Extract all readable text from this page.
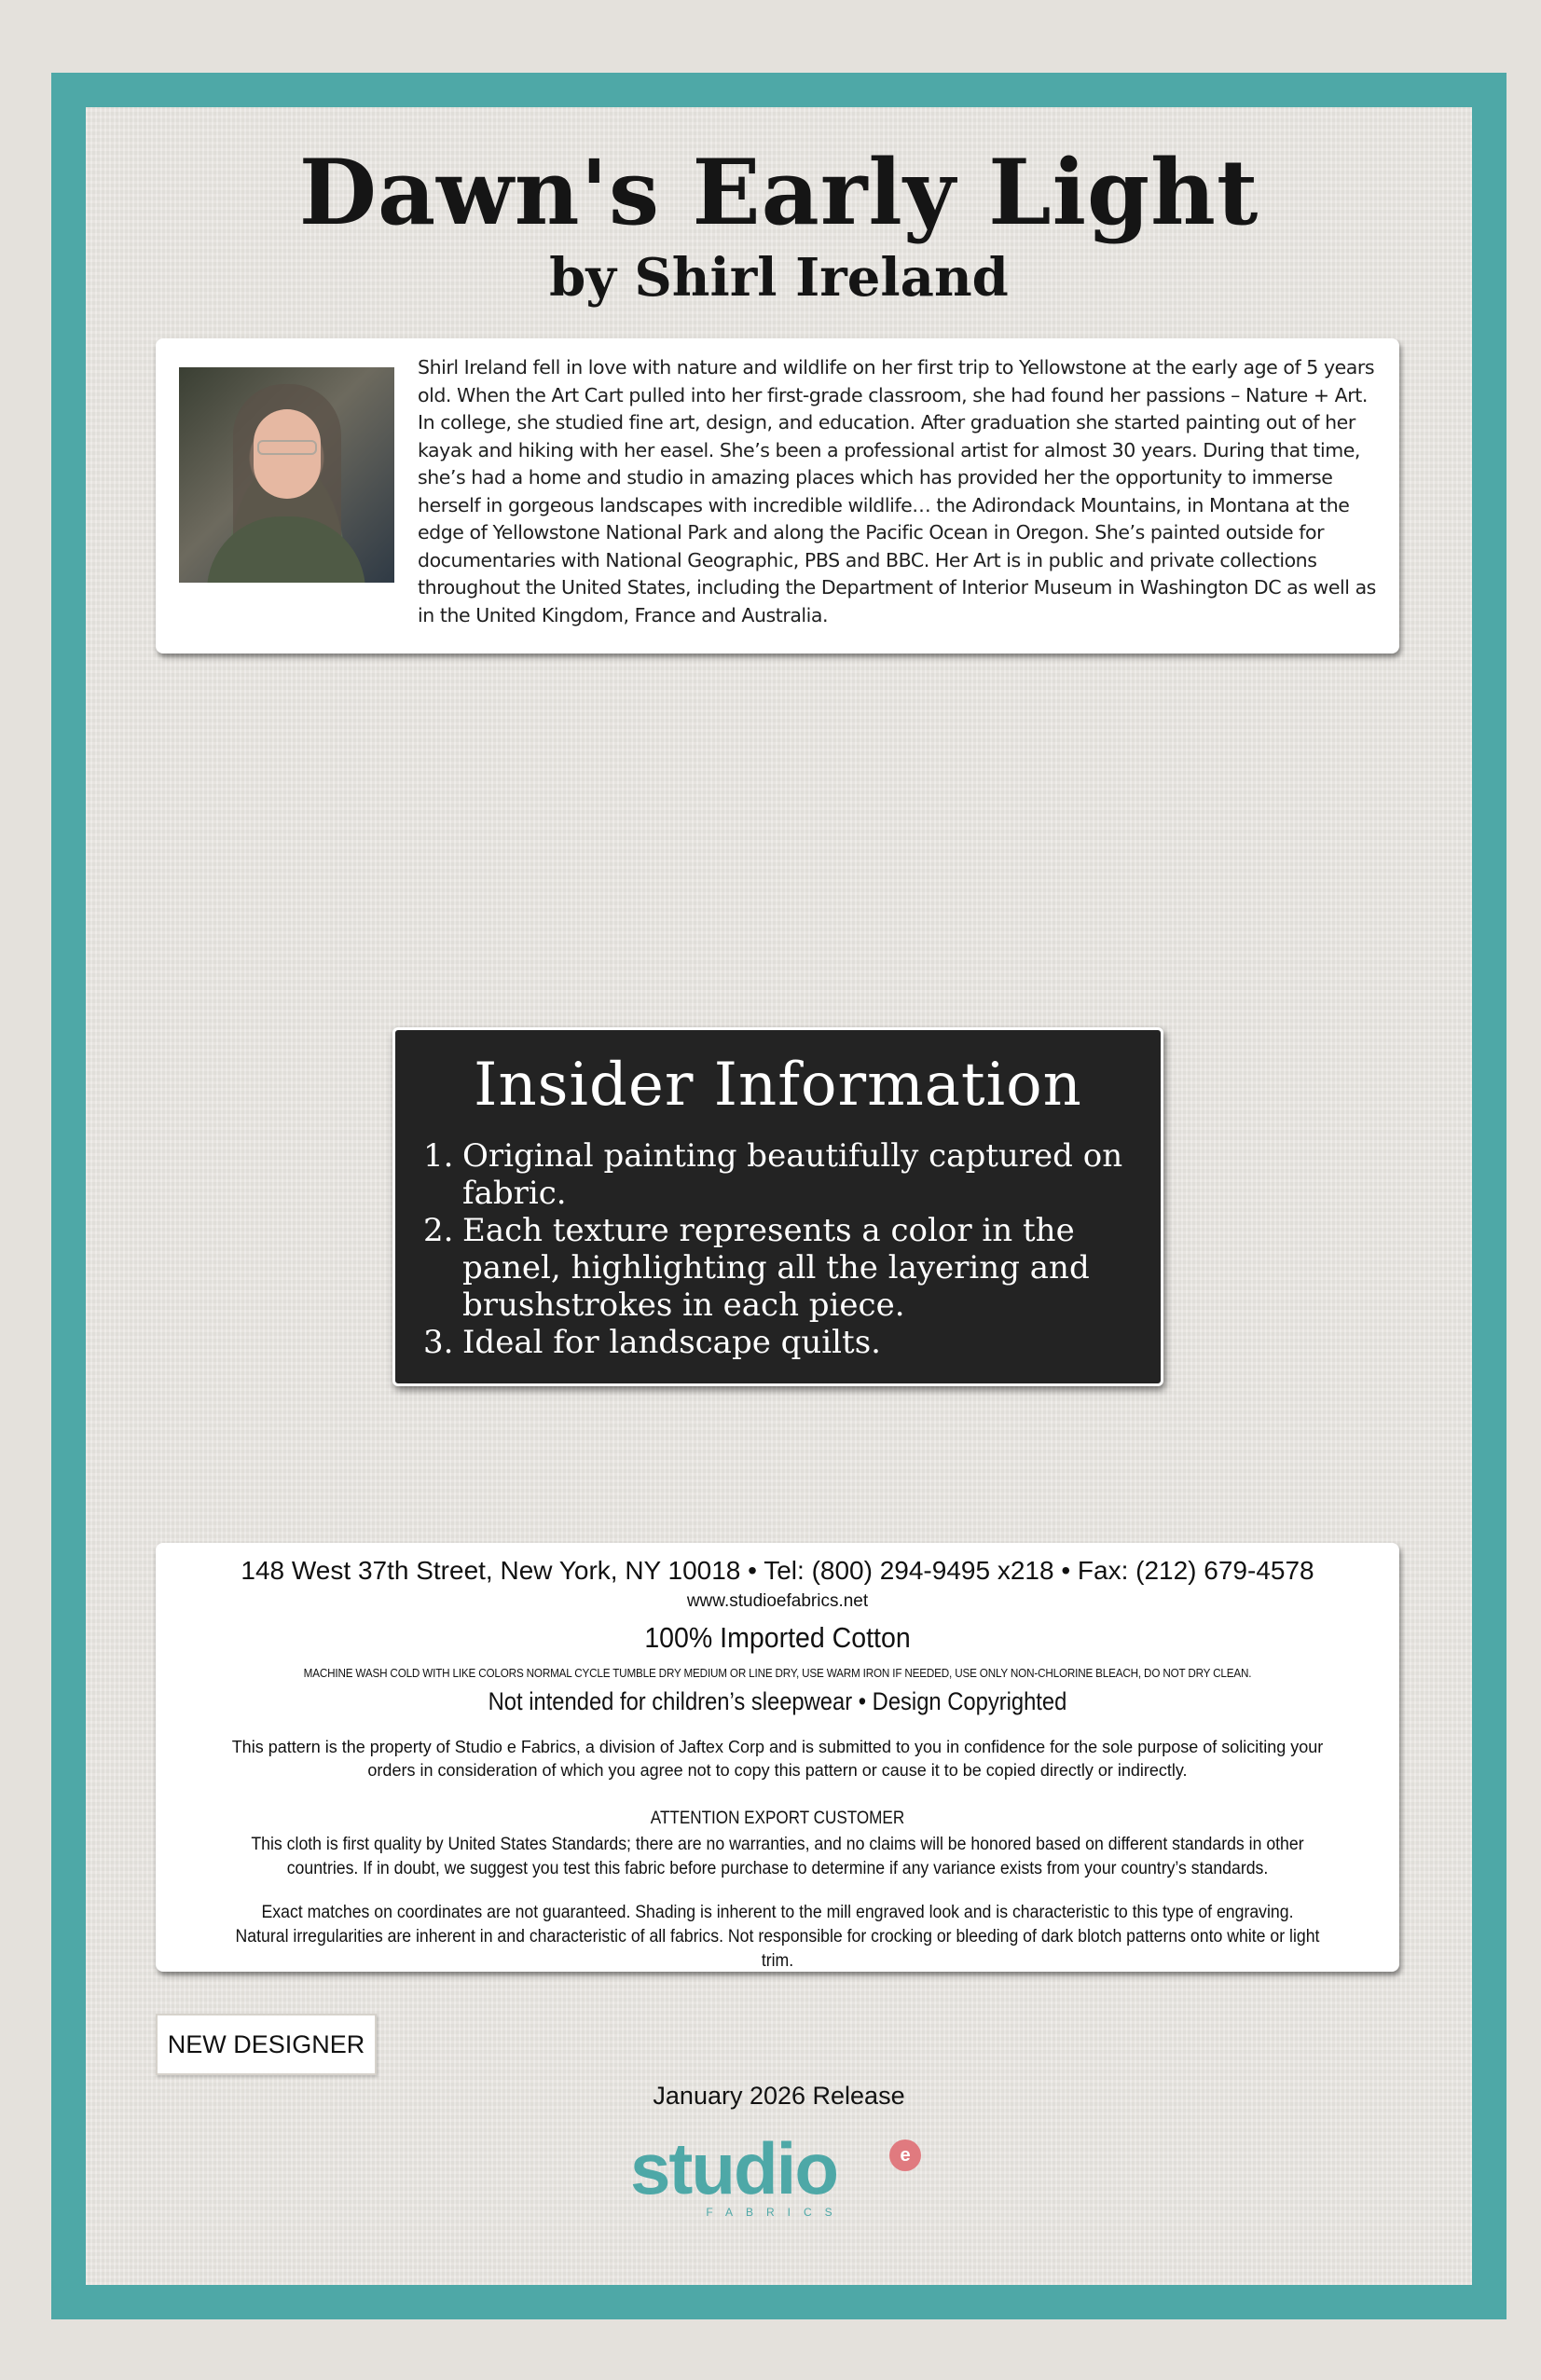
Dawn's Early Light
by Shirl Ireland

Shirl Ireland fell in love with nature and wildlife on her first trip to Yellowstone at the early age of 5 years old. When the Art Cart pulled into her first-grade classroom, she had found her passions – Nature + Art. In college, she studied fine art, design, and education. After graduation she started painting out of her kayak and hiking with her easel. She’s been a professional artist for almost 30 years. During that time, she’s had a home and studio in amazing places which has provided her the opportunity to immerse herself in gorgeous landscapes with incredible wildlife… the Adirondack Mountains, in Montana at the edge of Yellowstone National Park and along the Pacific Ocean in Oregon. She’s painted outside for documentaries with National Geographic, PBS and BBC. Her Art is in public and private collections throughout the United States, including the Department of Interior Museum in Washington DC as well as in the United Kingdom, France and Australia.

Insider Information
1. Original painting beautifully captured on fabric.
2. Each texture represents a color in the panel, highlighting all the layering and brushstrokes in each piece.
3. Ideal for landscape quilts.

148 West 37th Street, New York, NY 10018 • Tel: (800) 294-9495 x218 • Fax: (212) 679-4578

www.studioefabrics.net

100% Imported Cotton

MACHINE WASH COLD WITH LIKE COLORS NORMAL CYCLE TUMBLE DRY MEDIUM OR LINE DRY, USE WARM IRON IF NEEDED, USE ONLY NON-CHLORINE BLEACH, DO NOT DRY CLEAN.

Not intended for children’s sleepwear • Design Copyrighted

This pattern is the property of Studio e Fabrics, a division of Jaftex Corp and is submitted to you in confidence for the sole purpose of soliciting your orders in consideration of which you agree not to copy this pattern or cause it to be copied directly or indirectly.

ATTENTION EXPORT CUSTOMER

This cloth is first quality by United States Standards; there are no warranties, and no claims will be honored based on different standards in other countries. If in doubt, we suggest you test this fabric before purchase to determine if any variance exists from your country’s standards.

Exact matches on coordinates are not guaranteed. Shading is inherent to the mill engraved look and is characteristic to this type of engraving. Natural irregularities are inherent in and characteristic of all fabrics. Not responsible for crocking or bleeding of dark blotch patterns onto white or light trim.

NEW DESIGNER

January 2026 Release

studio	e
FABRICS
